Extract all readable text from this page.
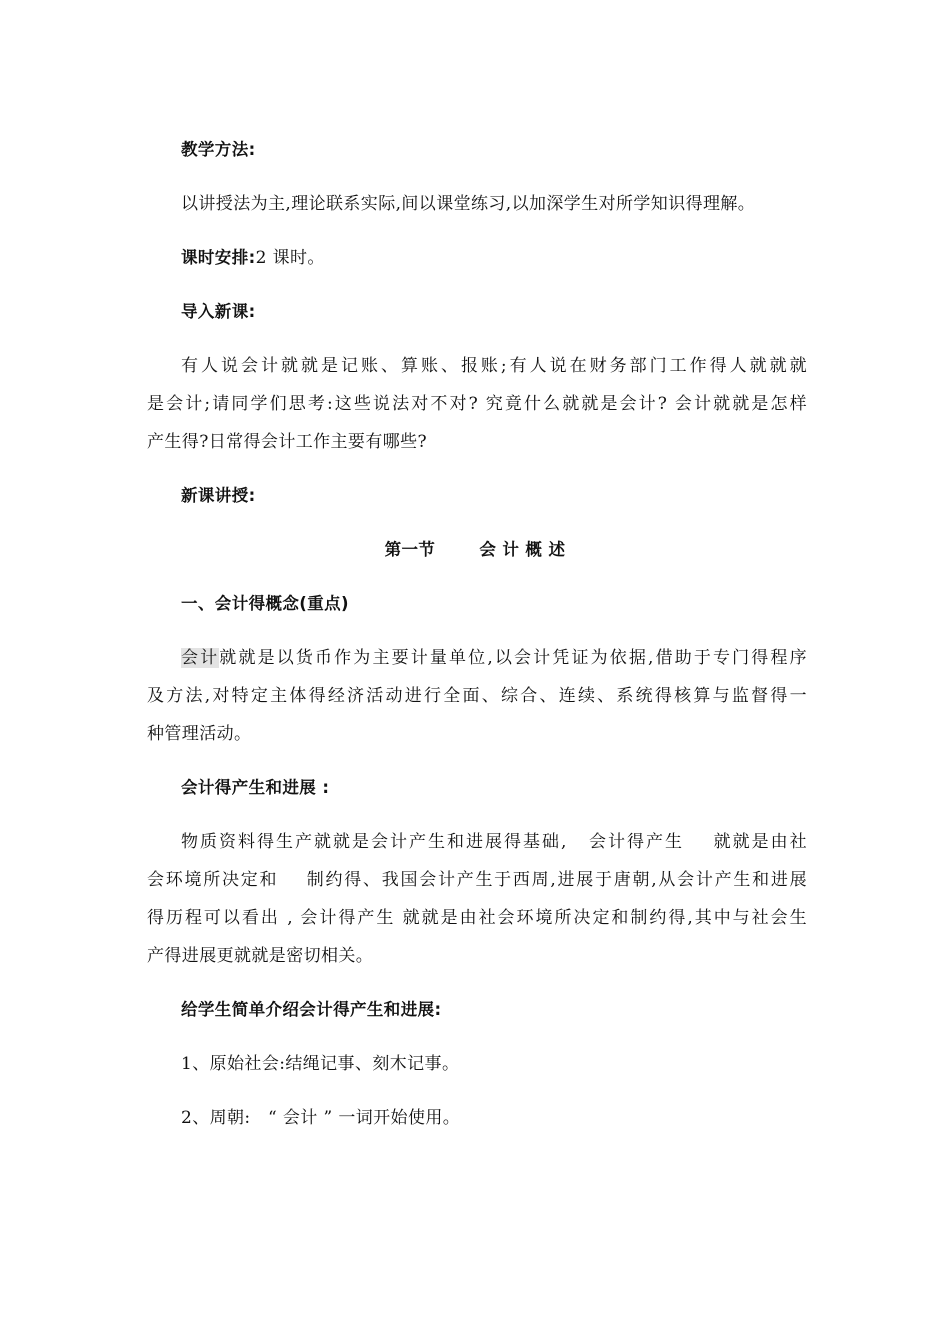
教学方法:
以讲授法为主,理论联系实际,间以课堂练习,以加深学生对所学知识得理解。
课时安排:2 课时。
导入新课:
有人说会计就就是记账、算账、报账;有人说在财务部门工作得人就就就
是会计;请同学们思考:这些说法对不对? 究竟什么就就是会计? 会计就就是怎样
产生得?日常得会计工作主要有哪些?
新课讲授:
第一节	会 计 概 述
一、会计得概念(重点)
会计就就是以货币作为主要计量单位,以会计凭证为依据,借助于专门得程序
及方法,对特定主体得经济活动进行全面、综合、连续、系统得核算与监督得一
种管理活动。
会计得产生和进展 :
物质资料得生产就就是会计产生和进展得基础,   会计得产生    就就是由社
会环境所决定和    制约得、我国会计产生于西周,进展于唐朝,从会计产生和进展
得历程可以看出 , 会计得产生 就就是由社会环境所决定和制约得,其中与社会生
产得进展更就就是密切相关。
给学生简单介绍会计得产生和进展:
1、原始社会:结绳记事、刻木记事。
2、周朝:   “ 会计 ” 一词开始使用。
